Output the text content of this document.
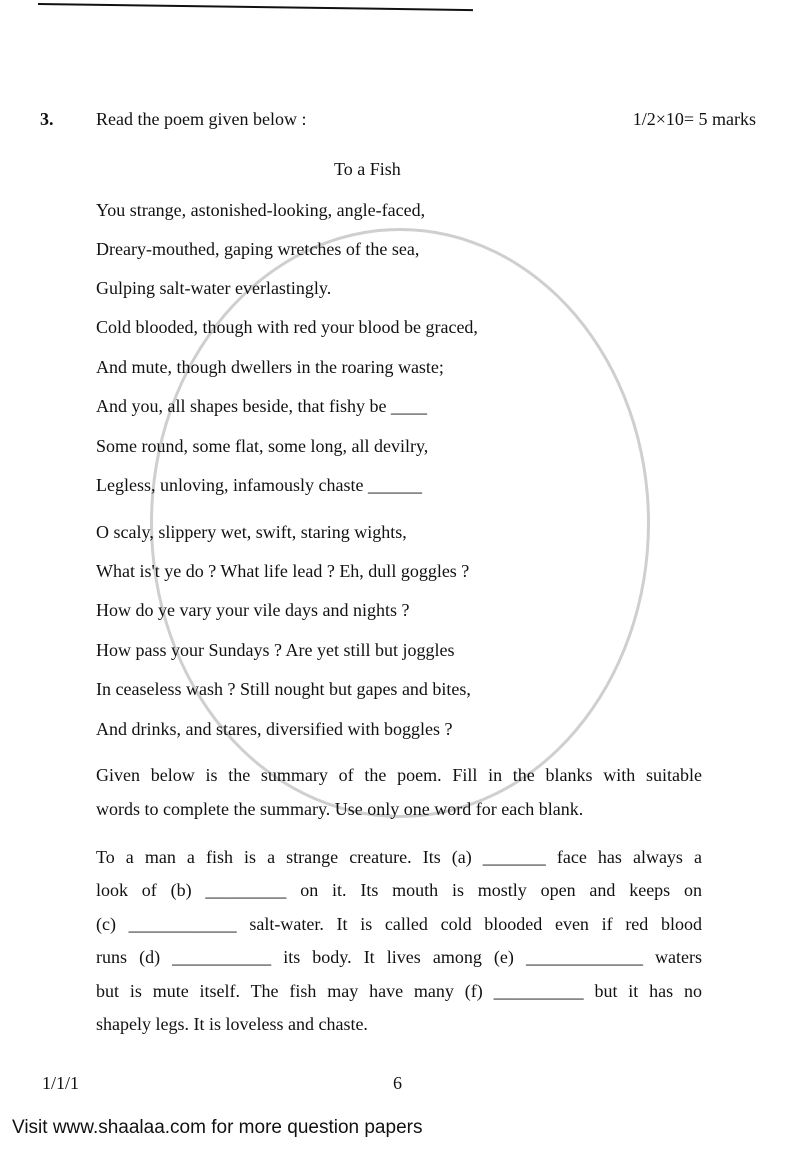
3. Read the poem given below :	1/2×10= 5 marks
To a Fish
You strange, astonished-looking, angle-faced,
Dreary-mouthed, gaping wretches of the sea,
Gulping salt-water everlastingly.
Cold blooded, though with red your blood be graced,
And mute, though dwellers in the roaring waste;
And you, all shapes beside, that fishy be ____
Some round, some flat, some long, all devilry,
Legless, unloving, infamously chaste ______
O scaly, slippery wet, swift, staring wights,
What is't ye do ? What life lead ? Eh, dull goggles ?
How do ye vary your vile days and nights ?
How pass your Sundays ? Are yet still but joggles
In ceaseless wash ? Still nought but gapes and bites,
And drinks, and stares, diversified with boggles ?
Given below is the summary of the poem. Fill in the blanks with suitable
words to complete the summary. Use only one word for each blank.
To a man a fish is a strange creature. Its (a) _______ face has always a
look of (b) _________ on it. Its mouth is mostly open and keeps on
(c) ____________ salt-water. It is called cold blooded even if red blood
runs (d) ___________ its body. It lives among (e) _____________ waters
but is mute itself. The fish may have many (f) __________ but it has no
shapely legs. It is loveless and chaste.
1/1/1	6
Visit www.shaalaa.com for more question papers
